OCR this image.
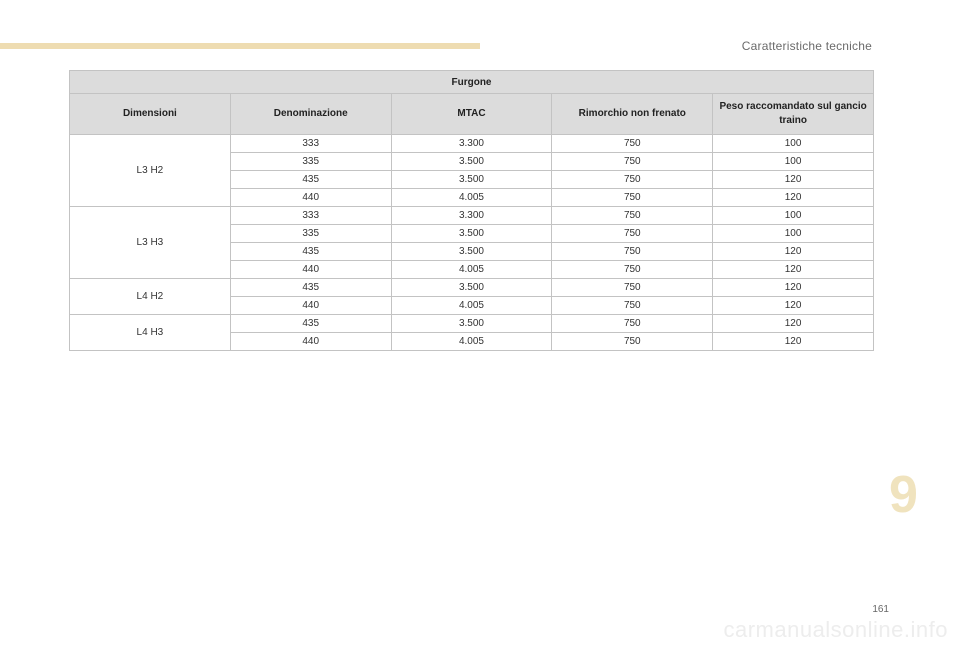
Caratteristiche tecniche
Furgone				
Dimensioni	Denominazione	MTAC	Rimorchio non frenato	Peso raccomandato sul gancio traino
L3 H2	333	3.300	750	100
	335	3.500	750	100
	435	3.500	750	120
	440	4.005	750	120
L3 H3	333	3.300	750	100
	335	3.500	750	100
	435	3.500	750	120
	440	4.005	750	120
L4 H2	435	3.500	750	120
	440	4.005	750	120
L4 H3	435	3.500	750	120
	440	4.005	750	120
9
161
carmanualsonline.info
